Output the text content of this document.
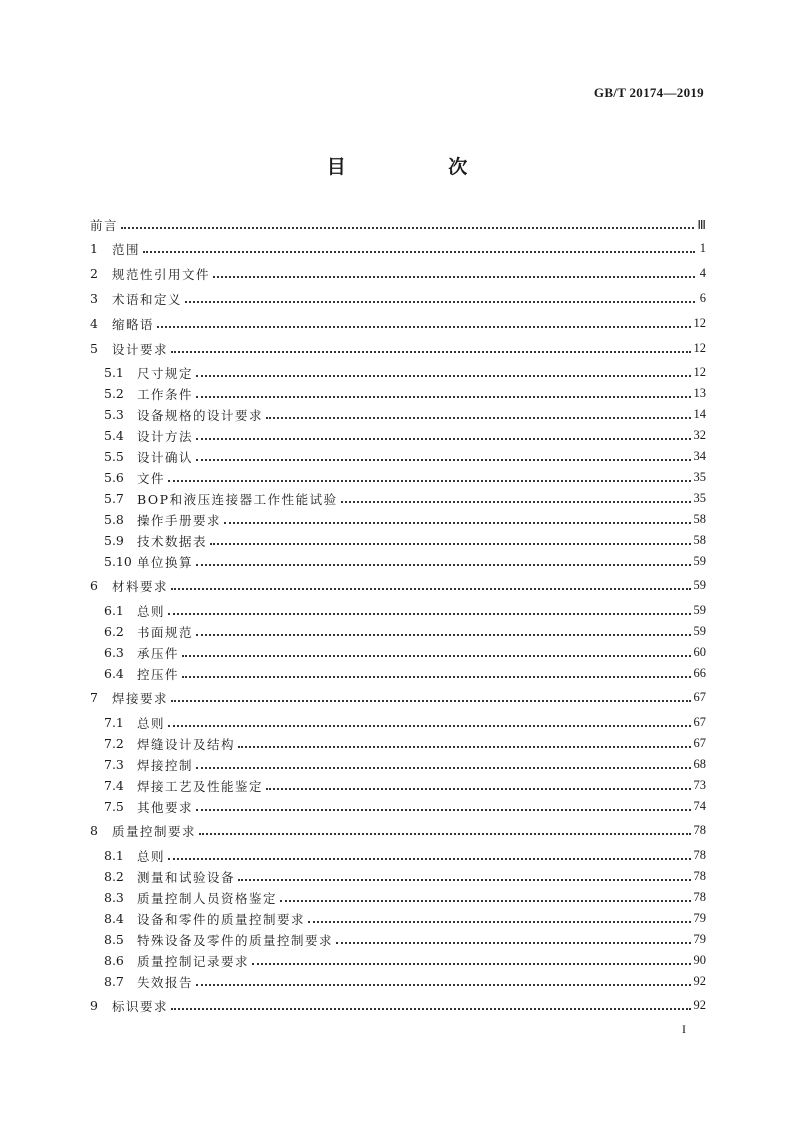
GB/T 20174—2019
目 次
前言	Ⅲ
1	范围	1
2	规范性引用文件	4
3	术语和定义	6
4	缩略语	12
5	设计要求	12
5.1	尺寸规定	12
5.2	工作条件	13
5.3	设备规格的设计要求	14
5.4	设计方法	32
5.5	设计确认	34
5.6	文件	35
5.7	BOP和液压连接器工作性能试验	35
5.8	操作手册要求	58
5.9	技术数据表	58
5.10 单位换算	59
6	材料要求	59
6.1	总则	59
6.2	书面规范	59
6.3	承压件	60
6.4	控压件	66
7	焊接要求	67
7.1	总则	67
7.2	焊缝设计及结构	67
7.3	焊接控制	68
7.4	焊接工艺及性能鉴定	73
7.5	其他要求	74
8	质量控制要求	78
8.1	总则	78
8.2	测量和试验设备	78
8.3	质量控制人员资格鉴定	78
8.4	设备和零件的质量控制要求	79
8.5	特殊设备及零件的质量控制要求	79
8.6	质量控制记录要求	90
8.7	失效报告	92
9	标识要求	92
I
